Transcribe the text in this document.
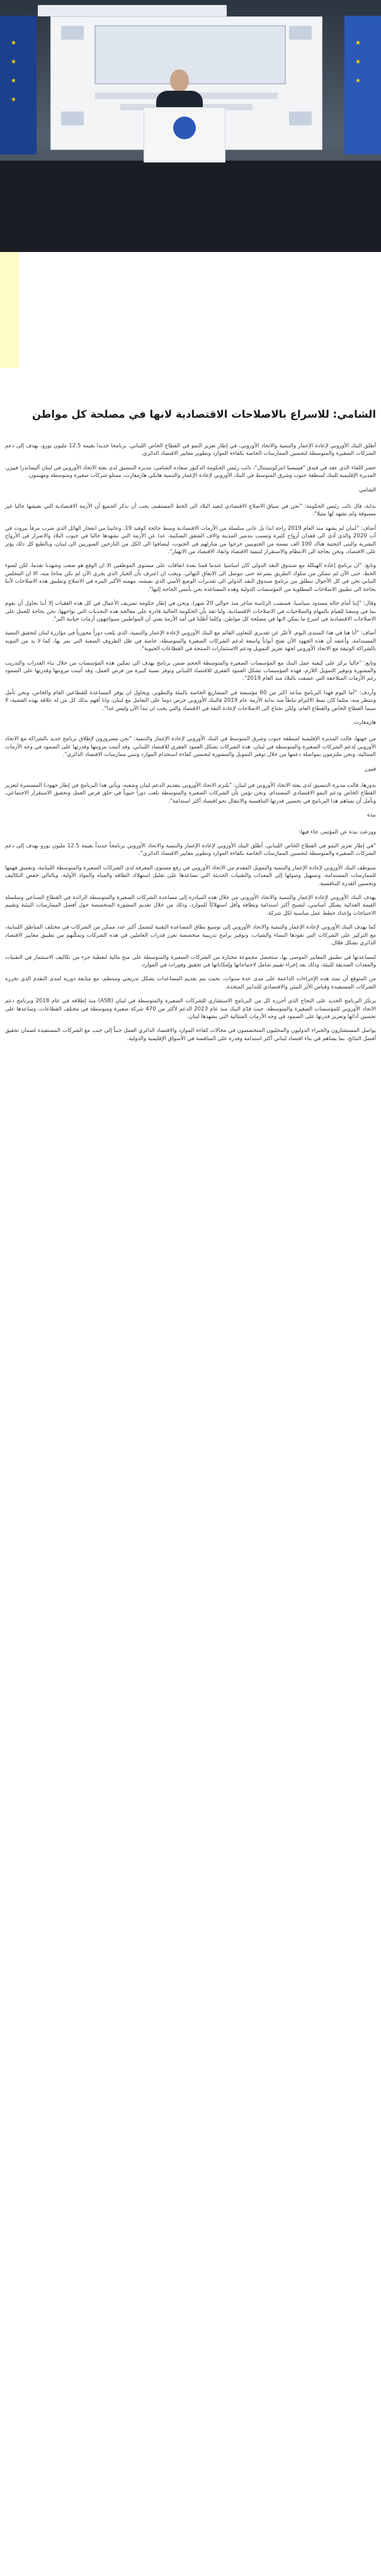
★
★
★
★
★
★
★
الشامي: للاسراع بالاصلاحات الاقتصادية لانها في مصلحة كل مواطن

أطلق البنك الأوروبي لإعادة الإعمار والتنمية والاتحاد الأوروبي، في إطار تعزيز النمو في القطاع الخاص اللبناني، برنامجا جديدا بقيمة 12.5 مليون يورو، يهدف إلى دعم الشركات الصغيرة والمتوسطة لتحسين الممارسات الخاصة بكفاءة الموارد وتطوير معايير الاقتصاد الدائري.

حضر اللقاء الذي عقد في فندق "فينيسيا انتركونتيننتال"، نائب رئيس الحكومة الدكتور سعاده الشامي، مديرة التنسيق لدى بعثة الاتحاد الأوروبي في لبنان أليساندرا فييزر، المديرة الإقليمية للبنك لمنطقة جنوب وشرق المتوسط في البنك الأوروبي لإعادة الإعمار والتنمية هايكي هارمغارت، ممثلو شركات صغيرة ومتوسطة ومهتمون.

الشامي

بداية، قال نائب رئيس الحكومة: "نحن في سياق الاصلاح الاقتصادي لتعيد البلاد الى الخط المستقيم، يجب أن نذكر الجميع أن الأزمة الاقتصادية التي نعيشها حاليا غير مسبوقة ولم نشهد لها مثيلا".

أضاف: "لبنان لم يشهد منذ العام 2019 راحة ابدا بل عانى سلسلة من الأزمات الاقتصادية وسط جائحة كوفيد 19، وعانينا من انفجار الهائل الذي ضرب مرفأ بيروت في آب 2020 والذي أدى الى فقدان أرواح كثيرة وتسبب بتدمير المدينة والاف الشقق السكنية، عدا عن الأزمة التي نشهدها حاليا في جنوب البلاد والاضرار في الأرواح البشرية والبنى التحتية هناك 100 الف نسمة من الجنوبيين خرجوا من منازلهم في الجنوب، ليضافوا الى الكل من النازحين السوريين الى لبنان، وبالطبع كل ذلك يؤثر على الاقتصاد، ونحن بحاجة الى الانتظام والاستقرار لتنمية الاقتصاد وانقاذ الاقتصاد من الانهيار".

وتابع: "ان برنامج إعادة الهيكلة مع صندوق النقد الدولي كان اساسيا عندما قمنا بعدة اتفاقات على مستوى الموظفين الا ان الوقع هو صعب وشهدنا تقدما، لكن لسوء الحظ، حتى الآن لم نتمكن من سلوك الطريق بسرعة حتى نتوصل الى الاتفاق النهائي، ويجب ان اعترف بأن الخيار الذي يجري الآن لم نكن متاحا منه، الا ان المجلس النيابي نحن في كل الأحوال ننطلق من برنامج صندوق النقد الدولي الى تقديرات الوضع الأمني الذي نعيشه، مهمته الأكبر المرة في الاصلاح وتطبيق هذه الاصلاحات لأننا بحاجة الى تطبيق الاصلاحات المطلوبة من المؤسسات الدولية وهذه المساعدة نحن بأمس الحاجة إليها".

وقال: "إننا أمام حالة مسدود سياسيا، فمنصب الرئاسة شاغر منذ حوالي 20 شهرا، ونحن في إطار حكومة تصريف الأعمال في كل هذه العقبات إلا أننا نحاول أن نقوم بما في وسعنا للقيام بالمهام والصلاحيات في الاصلاحات الاقتصادية، ولنا ثقة بأن الحكومة الحالية قادرة على معالجة هذه التحديات التي نواجهها، نحن بحاجة للعمل على الاصلاحات الاقتصادية في اسرع ما يمكن لانها في مصلحة كل مواطن، وكلما أطلنا في أمد الأزمة يعني أن المواطنين سيواجهون أزمات حياتية اكبر".

أضاف: "أنا هنا في هذا المنتدى اليوم، لأعبّر عن تقديري للتعاون القائم مع البنك الأوروبي لإعادة الإعمار والتنمية، الذي يلعب دوراً محورياً في مؤازرة لبنان لتحقيق التنمية المستدامة، وأعتقد أن هذه الجهود الآن تفتح أبواباً واسعة لدعم الشركات الصغيرة والمتوسطة، خاصة في ظل الظروف الصعبة التي نمر بها، كما لا بد من التنويه بالشراكة الوثيقة مع الاتحاد الأوروبي لجهة تعزيز التمويل ودعم الاستثمارات المنتجة في القطاعات الحيوية".

وتابع: "حاليا نركز على كيفية عمل البنك مع المؤسسات الصغيرة والمتوسطة الحجم ضمن برنامج يهدف الى تمكين هذه المؤسسات من خلال بناء القدرات والتدريب والمشورة وتوفير التمويل اللازم، فهذه المؤسسات تشكل العمود الفقري للاقتصاد اللبناني وتوفر نسبة كبيرة من فرص العمل، وقد أثبتت مرونتها وقدرتها على الصمود رغم الأزمات المتلاحقة التي عصفت بالبلاد منذ العام 2019".

وأردف: "أما اليوم فهذا البرنامج ساعد اكثر من 60 مؤسسة في المشاريع الخاصة بالبيئة والتطوير، ويحاول ان يوفر المساعدة للقطاعين العام والخاص، ونحن نأمل وننتظر منه، مثلما كان نمط الالتزام تباطأ منذ بداية الأزمة عام 2019 فالبنك الأوروبي حرص دوما على التعامل مع لبنان، وانا أفهم بذلك كل من له علاقة بهذه القضية، لا سيما القطاع الخاص والقطاع العام، ولكن نحتاج الى الاصلاحات لإعادة الثقة في الاقتصاد والتي يجب ان تبدأ الآن وليس غدا".

هارمغارت

من جهتها، قالت المديرة الإقليمية لمنطقة جنوب وشرق المتوسط في البنك الأوروبي لإعادة الإعمار والتنمية: "نحن مسرورون لإطلاق برنامج جديد بالشراكة مع الاتحاد الأوروبي لدعم الشركات الصغيرة والمتوسطة في لبنان، هذه الشركات تشكل العمود الفقري للاقتصاد اللبناني، وقد أثبتت مرونتها وقدرتها على الصمود في وجه الأزمات المتتالية، ونحن ملتزمون بمواصلة دعمها من خلال توفير التمويل والمشورة لتحسين كفاءة استخدام الموارد وتبني ممارسات الاقتصاد الدائري".

فييزر

بدورها، قالت مديرة التنسيق لدى بعثة الاتحاد الأوروبي في لبنان: "يلتزم الاتحاد الأوروبي بتقديم الدعم لبنان وشعبه، ويأتي هذا البرنامج في إطار جهودنا المستمرة لتعزيز القطاع الخاص ودعم النمو الاقتصادي المستدام، ونحن نؤمن بأن الشركات الصغيرة والمتوسطة تلعب دوراً حيوياً في خلق فرص العمل وتحقيق الاستقرار الاجتماعي، ونأمل أن يساهم هذا البرنامج في تحسين قدرتها التنافسية والانتقال نحو اقتصاد أكثر استدامة".

نبذة

ووزعت نبذة عن المؤتمر، جاء فيها:

"في إطار تعزيز النمو في القطاع الخاص اللبناني، أطلق البنك الأوروبي لإعادة الإعمار والتنمية والاتحاد الأوروبي برنامجاً جديداً بقيمة 12.5 مليون يورو يهدف إلى دعم الشركات الصغيرة والمتوسطة لتحسين الممارسات الخاصة بكفاءة الموارد وتطوير معايير الاقتصاد الدائري".

سيوظف البنك الأوروبي لإعادة الإعمار والتنمية والتمويل المقدم من الاتحاد الأوروبي في رفع مستوى المعرفة لدى الشركات الصغيرة والمتوسطة اللبنانية، وتعميق فهمها للممارسات المستدامة، وتسهيل وصولها إلى المعدات والتقنيات الحديثة التي تساعدها على تقليل استهلاك الطاقة والمياه والمواد الأولية، وبالتالي خفض التكاليف وتحسين القدرة التنافسية.

يهدف البنك الأوروبي لإعادة الإعمار والتنمية والاتحاد الأوروبي من خلال هذه المبادرة إلى مساعدة الشركات الصغيرة والمتوسطة الرائدة في القطاع الصناعي وسلسلة القيمة الغذائية بشكل أساسي، لتصبح أكثر استدامة ونظافة وأقل استهلاكاً للموارد، وذلك من خلال تقديم المشورة المتخصصة حول أفضل الممارسات البيئية وتقييم الاحتياجات وإعداد خطط عمل مناسبة لكل شركة.

كما يهدف البنك الأوروبي لإعادة الإعمار والتنمية والاتحاد الأوروبي إلى توسيع نطاق المساعدة التقنية لتشمل أكبر عدد ممكن من الشركات في مختلف المناطق اللبنانية، مع التركيز على الشركات التي تقودها النساء والشباب، وتوفير برامج تدريبية متخصصة تعزز قدرات العاملين في هذه الشركات وتمكّنهم من تطبيق معايير الاقتصاد الدائري بشكل فعّال.

لمساعدتها في تطبيق المعايير الموصى بها، ستحصل مجموعة مختارة من الشركات الصغيرة والمتوسطة على منح مالية لتغطية جزء من تكاليف الاستثمار في التقنيات والمعدات الصديقة للبيئة، وذلك بعد إجراء تقييم شامل لاحتياجاتها وإمكاناتها في تحقيق وفورات في الموارد.

من المتوقع أن تمتد هذه الإجراءات الداعمة على مدى عدة سنوات، بحيث يتم تقديم المساعدات بشكل تدريجي ومنتظم، مع متابعة دورية لمدى التقدم الذي تحرزه الشركات المستفيدة وقياس الأثر البيئي والاقتصادي للتدابير المتخذة.

يرتكز البرنامج الجديد على النجاح الذي أحرزه كل من البرنامج الاستشاري للشركات الصغيرة والمتوسطة في لبنان (ASB) منذ إطلاقه في عام 2018 وبرنامج دعم الاتحاد الأوروبي للمؤسسات الصغيرة والمتوسطة، حيث قدّم البنك منذ عام 2023 الدعم لأكثر من 470 شركة صغيرة ومتوسطة في مختلف القطاعات، وساعدها على تحسين أدائها وتعزيز قدرتها على الصمود في وجه الأزمات المتتالية التي يشهدها لبنان.

يواصل المستشارون والخبراء الدوليون والمحليون المتخصصون في مجالات كفاءة الموارد والاقتصاد الدائري العمل جنباً إلى جنب مع الشركات المستفيدة لضمان تحقيق أفضل النتائج، بما يساهم في بناء اقتصاد لبناني أكثر استدامة وقدرة على المنافسة في الأسواق الإقليمية والدولية.
